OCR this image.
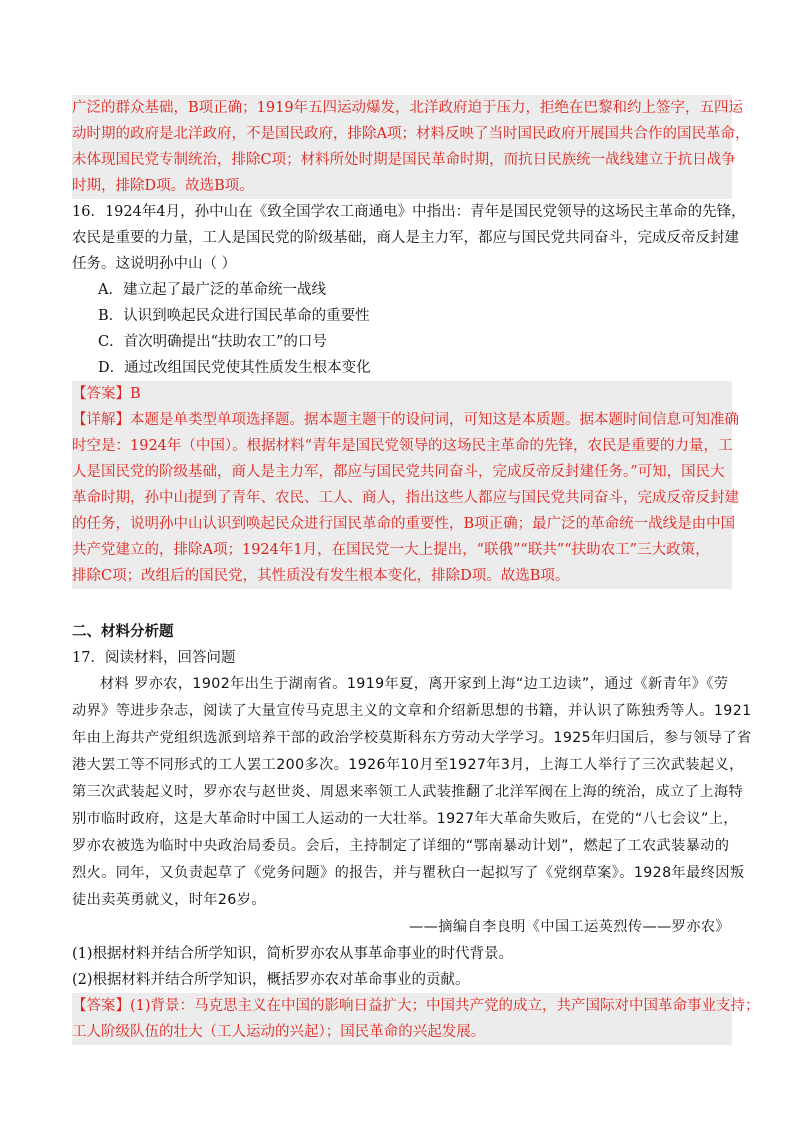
广泛的群众基础，B项正确；1919年五四运动爆发，北洋政府迫于压力，拒绝在巴黎和约上签字，五四运
动时期的政府是北洋政府，不是国民政府，排除A项；材料反映了当时国民政府开展国共合作的国民革命，
未体现国民党专制统治，排除C项；材料所处时期是国民革命时期，而抗日民族统一战线建立于抗日战争
时期，排除D项。故选B项。
16．1924年4月，孙中山在《致全国学农工商通电》中指出：青年是国民党领导的这场民主革命的先锋，
农民是重要的力量，工人是国民党的阶级基础，商人是主力军，都应与国民党共同奋斗，完成反帝反封建
任务。这说明孙中山（ ）
A．建立起了最广泛的革命统一战线
B．认识到唤起民众进行国民革命的重要性
C．首次明确提出“扶助农工”的口号
D．通过改组国民党使其性质发生根本变化
【答案】B
【详解】本题是单类型单项选择题。据本题主题干的设问词，可知这是本质题。据本题时间信息可知准确
时空是：1924年（中国）。根据材料“青年是国民党领导的这场民主革命的先锋，农民是重要的力量，工
人是国民党的阶级基础，商人是主力军，都应与国民党共同奋斗，完成反帝反封建任务。”可知，国民大
革命时期，孙中山提到了青年、农民、工人、商人，指出这些人都应与国民党共同奋斗，完成反帝反封建
的任务，说明孙中山认识到唤起民众进行国民革命的重要性，B项正确；最广泛的革命统一战线是由中国
共产党建立的，排除A项；1924年1月，在国民党一大上提出，“联俄”“联共”“扶助农工”三大政策，
排除C项；改组后的国民党，其性质没有发生根本变化，排除D项。故选B项。
二、材料分析题
17．阅读材料，回答问题
材料 罗亦农，1902年出生于湖南省。1919年夏，离开家到上海“边工边读”，通过《新青年》《劳
动界》等进步杂志，阅读了大量宣传马克思主义的文章和介绍新思想的书籍，并认识了陈独秀等人。1921
年由上海共产党组织选派到培养干部的政治学校莫斯科东方劳动大学学习。1925年归国后，参与领导了省
港大罢工等不同形式的工人罢工200多次。1926年10月至1927年3月，上海工人举行了三次武装起义，
第三次武装起义时，罗亦农与赵世炎、周恩来率领工人武装推翻了北洋军阀在上海的统治，成立了上海特
别市临时政府，这是大革命时中国工人运动的一大壮举。1927年大革命失败后，在党的“八七会议”上，
罗亦农被选为临时中央政治局委员。会后，主持制定了详细的“鄂南暴动计划”，燃起了工农武装暴动的
烈火。同年，又负责起草了《党务问题》的报告，并与瞿秋白一起拟写了《党纲草案》。1928年最终因叛
徒出卖英勇就义，时年26岁。
——摘编自李良明《中国工运英烈传——罗亦农》
(1)根据材料并结合所学知识，简析罗亦农从事革命事业的时代背景。
(2)根据材料并结合所学知识，概括罗亦农对革命事业的贡献。
【答案】(1)背景：马克思主义在中国的影响日益扩大；中国共产党的成立，共产国际对中国革命事业支持；
工人阶级队伍的壮大（工人运动的兴起）；国民革命的兴起发展。
